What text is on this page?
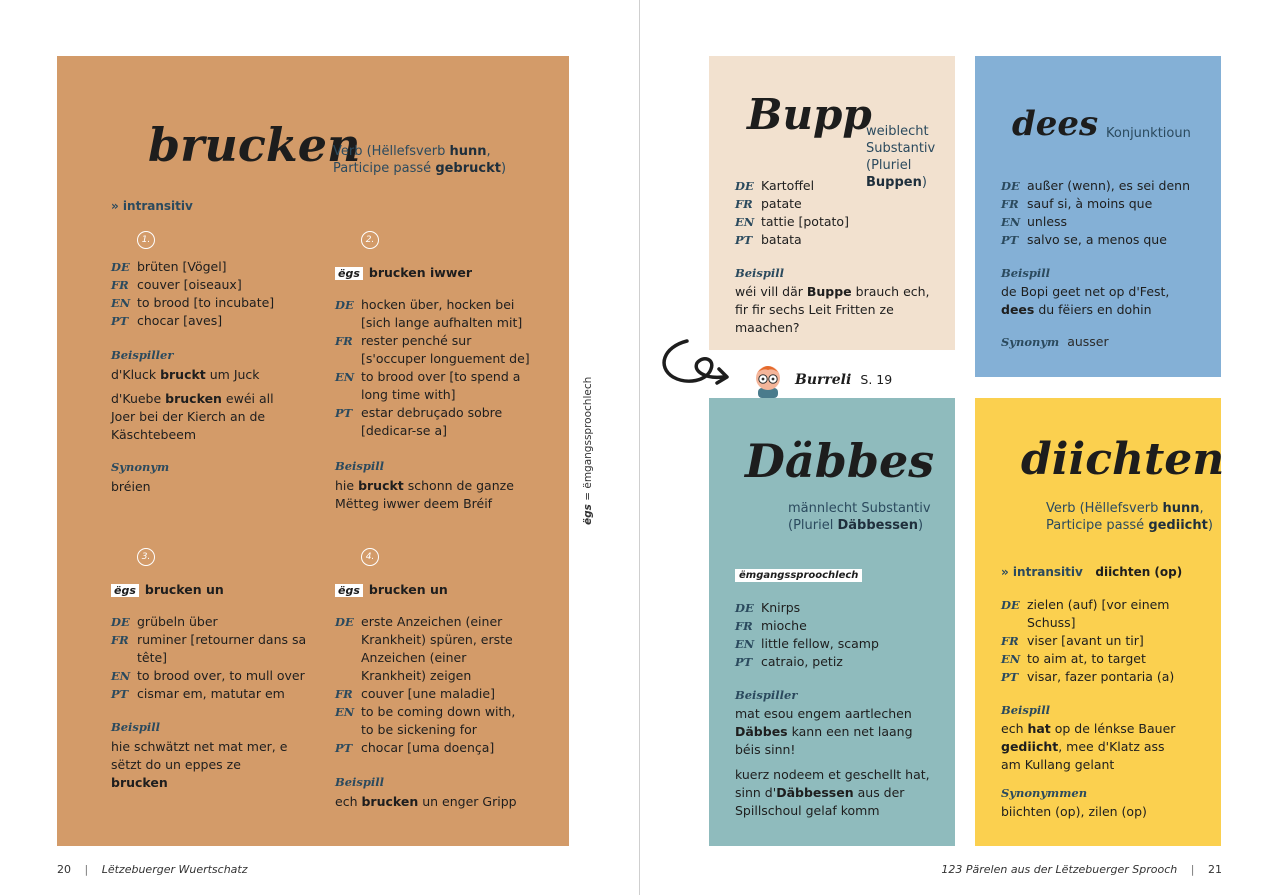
brucken
Verb (Hëllefsverb hunn,
Participe passé gebruckt)
» intransitiv
1.
DE brüten [Vögel]
FR couver [oiseaux]
EN to brood [to incubate]
PT chocar [aves]
Beispiller
d'Kluck bruckt um Juck
d'Kuebe brucken ewéi all Joer bei der Kierch an de Käschtebeem
Synonym
bréien
2.
ëgs brucken iwwer
DE hocken über, hocken bei [sich lange aufhalten mit]
FR rester penché sur [s'occuper longuement de]
EN to brood over [to spend a long time with]
PT estar debruçado sobre [dedicar-se a]
Beispill
hie bruckt schonn de ganze Mëtteg iwwer deem Bréif
3.
ëgs brucken un
DE grübeln über
FR ruminer [retourner dans sa tête]
EN to brood over, to mull over
PT cismar em, matutar em
Beispill
hie schwätzt net mat mer, e sëtzt do un eppes ze brucken
4.
ëgs brucken un
DE erste Anzeichen (einer Krankheit) spüren, erste Anzeichen (einer Krankheit) zeigen
FR couver [une maladie]
EN to be coming down with, to be sickening for
PT chocar [uma doença]
Beispill
ech brucken un enger Gripp
ëgs = ëmgangssproochlech
Bupp
weiblecht Substantiv (Pluriel Buppen)
DE Kartoffel
FR patate
EN tattie [potato]
PT batata
Beispill
wéi vill där Buppe brauch ech, fir fir sechs Leit Fritten ze maachen?
dees Konjunktioun
DE außer (wenn), es sei denn
FR sauf si, à moins que
EN unless
PT salvo se, a menos que
Beispill
de Bopi geet net op d'Fest, dees du fëiers en dohin
Synonym ausser
Burreli S. 19
Däbbes
männlecht Substantiv
(Pluriel Däbbessen)
ëmgangssproochlech
DE Knirps
FR mioche
EN little fellow, scamp
PT catraio, petiz
Beispiller
mat esou engem aartlechen Däbbes kann een net laang béis sinn!
kuerz nodeem et geschellt hat, sinn d'Däbbessen aus der Spillschoul gelaf komm
diichten
Verb (Hëllefsverb hunn,
Participe passé gediicht)
» intransitiv diichten (op)
DE zielen (auf) [vor einem Schuss]
FR viser [avant un tir]
EN to aim at, to target
PT visar, fazer pontaria (a)
Beispill
ech hat op de lénkse Bauer gediicht, mee d'Klatz ass am Kullang gelant
Synonymmen
biichten (op), zilen (op)
20 | Lëtzebuerger Wuertschatz	123 Pärelen aus der Lëtzebuerger Sprooch | 21
